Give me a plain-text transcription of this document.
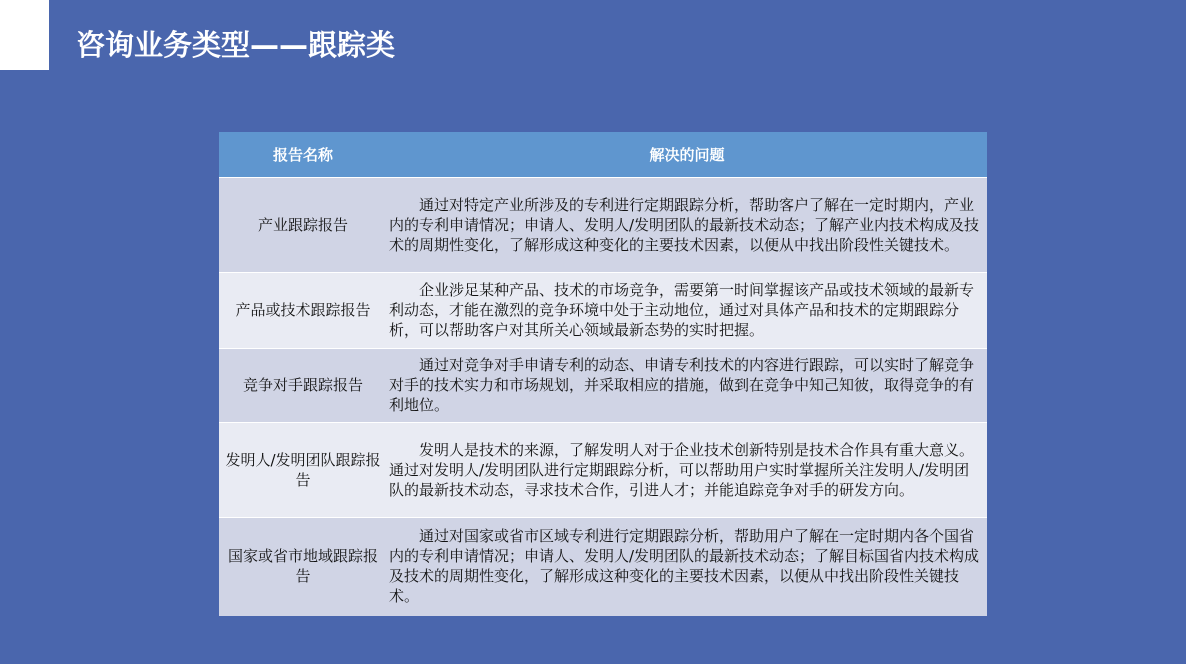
咨询业务类型——跟踪类
报告名称	解决的问题
产业跟踪报告	通过对特定产业所涉及的专利进行定期跟踪分析，帮助客户了解在一定时期内，产业内的专利申请情况；申请人、发明人/发明团队的最新技术动态；了解产业内技术构成及技术的周期性变化，了解形成这种变化的主要技术因素，以便从中找出阶段性关键技术。
产品或技术跟踪报告	企业涉足某种产品、技术的市场竞争，需要第一时间掌握该产品或技术领域的最新专利动态，才能在激烈的竞争环境中处于主动地位，通过对具体产品和技术的定期跟踪分析，可以帮助客户对其所关心领域最新态势的实时把握。
竞争对手跟踪报告	通过对竞争对手申请专利的动态、申请专利技术的内容进行跟踪，可以实时了解竞争对手的技术实力和市场规划，并采取相应的措施，做到在竞争中知己知彼，取得竞争的有利地位。
发明人/发明团队跟踪报告	发明人是技术的来源，了解发明人对于企业技术创新特别是技术合作具有重大意义。通过对发明人/发明团队进行定期跟踪分析，可以帮助用户实时掌握所关注发明人/发明团队的最新技术动态，寻求技术合作，引进人才；并能追踪竞争对手的研发方向。
国家或省市地域跟踪报告	通过对国家或省市区域专利进行定期跟踪分析，帮助用户了解在一定时期内各个国省内的专利申请情况；申请人、发明人/发明团队的最新技术动态；了解目标国省内技术构成及技术的周期性变化，了解形成这种变化的主要技术因素，以便从中找出阶段性关键技术。
